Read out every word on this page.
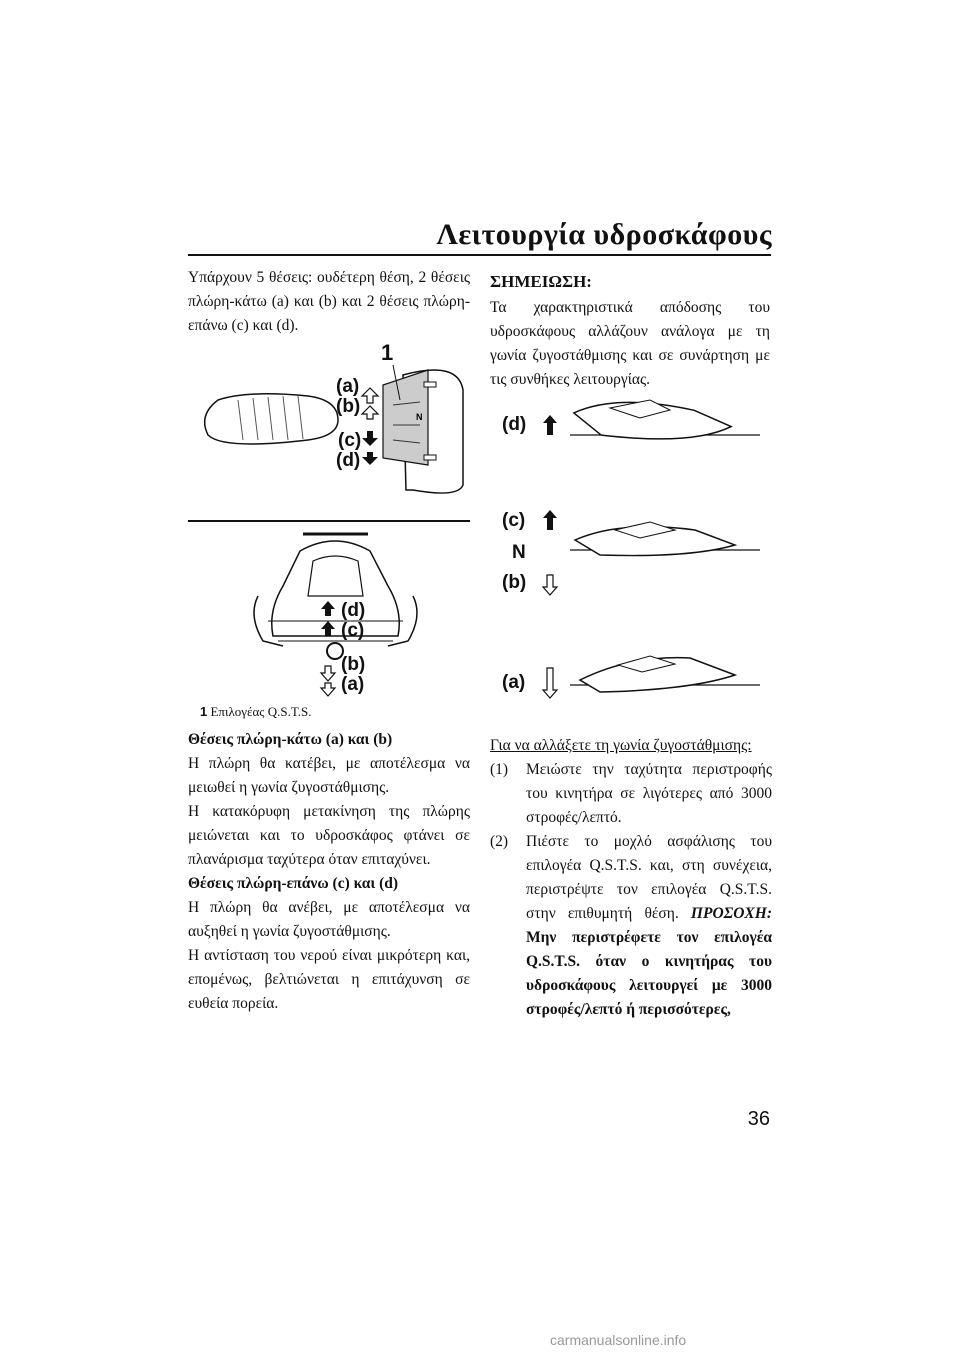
Λειτουργία υδροσκάφους

Υπάρχουν 5 θέσεις: ουδέτερη θέση, 2 θέσεις πλώρη-κάτω (a) και (b) και 2 θέσεις πλώρη-επάνω (c) και (d).

N
1
(a)
(b)
(c)
(d)
(d)
(c)
(b)
(a)
1 Επιλογέας Q.S.T.S.

Θέσεις πλώρη-κάτω (a) και (b)

Η πλώρη θα κατέβει, με αποτέλεσμα να μειωθεί η γωνία ζυγοστάθμισης.

Η κατακόρυφη μετακίνηση της πλώρης μειώνεται και το υδροσκάφος φτάνει σε πλανάρισμα ταχύτερα όταν επιταχύνει.

Θέσεις πλώρη-επάνω (c) και (d)

Η πλώρη θα ανέβει, με αποτέλεσμα να αυξηθεί η γωνία ζυγοστάθμισης.

Η αντίσταση του νερού είναι μικρότερη και, επομένως, βελτιώνεται η επιτάχυνση σε ευθεία πορεία.

ΣΗΜΕΙΩΣΗ:

Τα χαρακτηριστικά απόδοσης του υδροσκάφους αλλάζουν ανάλογα με τη γωνία ζυγοστάθμισης και σε συνάρτηση με τις συνθήκες λειτουργίας.

(d)
(c)
N
(b)
(a)

Για να αλλάξετε τη γωνία ζυγοστάθμισης:

(1) Μειώστε την ταχύτητα περιστροφής του κινητήρα σε λιγότερες από 3000 στροφές/λεπτό.
(2) Πιέστε το μοχλό ασφάλισης του επιλογέα Q.S.T.S. και, στη συνέχεια, περιστρέψτε τον επιλογέα Q.S.T.S. στην επιθυμητή θέση. ΠΡΟΣΟΧΗ: Μην περιστρέφετε τον επιλογέα Q.S.T.S. όταν ο κινητήρας του υδροσκάφους λειτουργεί με 3000 στροφές/λεπτό ή περισσότερες,
36
carmanualsonline.info
